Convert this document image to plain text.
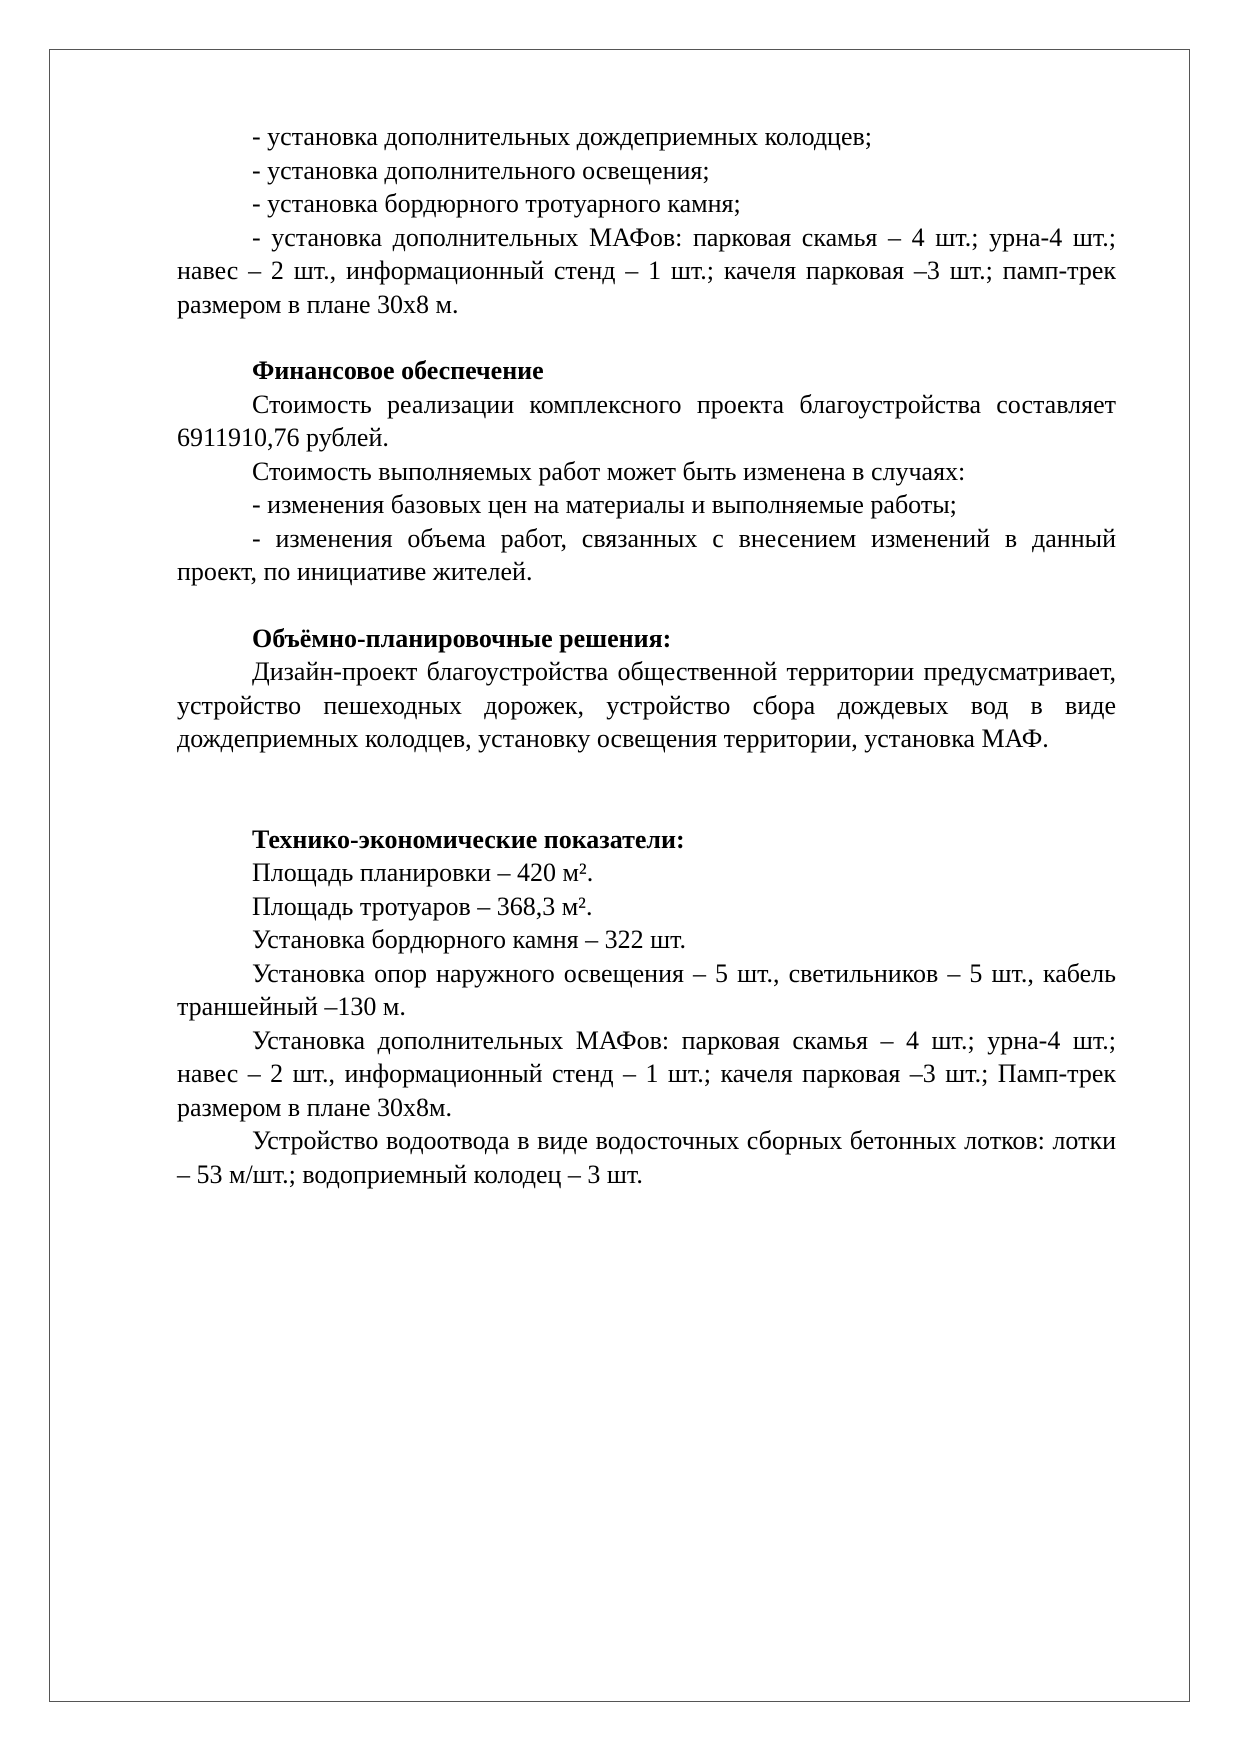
- установка дополнительных дождеприемных колодцев;

- установка дополнительного освещения;

- установка бордюрного тротуарного камня;

- установка дополнительных МАФов: парковая скамья – 4 шт.; урна-4 шт.; навес – 2 шт., информационный стенд – 1 шт.; качеля парковая –3 шт.; памп-трек размером в плане 30х8 м.

Финансовое обеспечение

Стоимость реализации комплексного проекта благоустройства составляет 6911910,76 рублей.

Стоимость выполняемых работ может быть изменена в случаях:

- изменения базовых цен на материалы и выполняемые работы;

- изменения объема работ, связанных с внесением изменений в данный проект, по инициативе жителей.

Объёмно-планировочные решения:

Дизайн-проект благоустройства общественной территории предусматривает, устройство пешеходных дорожек, устройство сбора дождевых вод в виде дождеприемных колодцев, установку освещения территории, установка МАФ.

Технико-экономические показатели:

Площадь планировки – 420 м².

Площадь тротуаров – 368,3 м².

Установка бордюрного камня – 322 шт.

Установка опор наружного освещения – 5 шт., светильников – 5 шт., кабель траншейный –130 м.

Установка дополнительных МАФов: парковая скамья – 4 шт.; урна-4 шт.; навес – 2 шт., информационный стенд – 1 шт.; качеля парковая –3 шт.; Памп-трек размером в плане 30х8м.

Устройство водоотвода в виде водосточных сборных бетонных лотков: лотки – 53 м/шт.; водоприемный колодец – 3 шт.
